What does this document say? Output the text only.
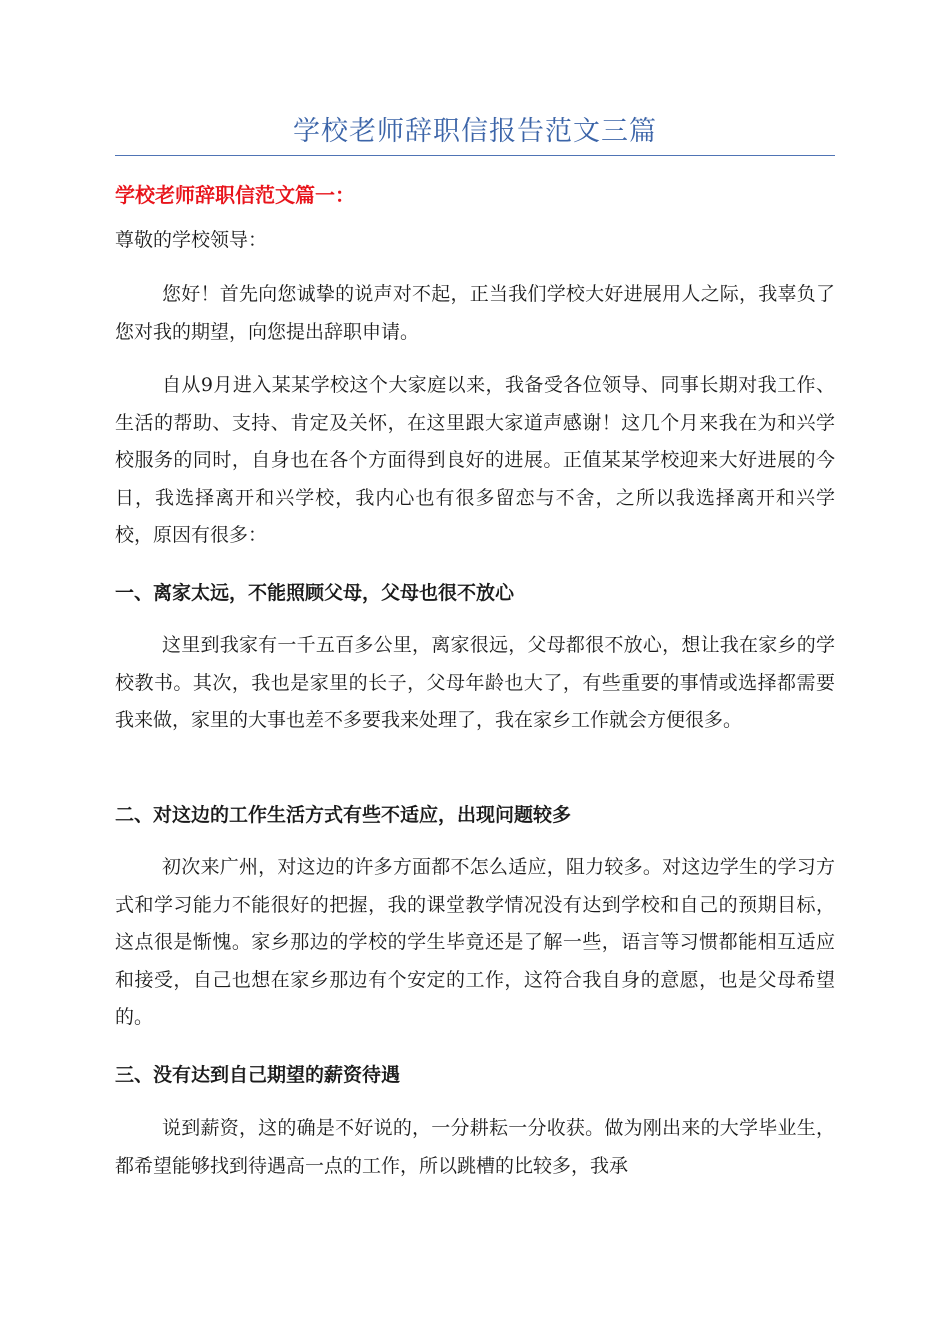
学校老师辞职信报告范文三篇
学校老师辞职信范文篇一：
尊敬的学校领导：

您好！首先向您诚挚的说声对不起，正当我们学校大好进展用人之际，我辜负了您对我的期望，向您提出辞职申请。

自从9月进入某某学校这个大家庭以来，我备受各位领导、同事长期对我工作、生活的帮助、支持、肯定及关怀，在这里跟大家道声感谢！这几个月来我在为和兴学校服务的同时，自身也在各个方面得到良好的进展。正值某某学校迎来大好进展的今日，我选择离开和兴学校，我内心也有很多留恋与不舍，之所以我选择离开和兴学校，原因有很多：

一、离家太远，不能照顾父母，父母也很不放心

这里到我家有一千五百多公里，离家很远，父母都很不放心，想让我在家乡的学校教书。其次，我也是家里的长子，父母年龄也大了，有些重要的事情或选择都需要我来做，家里的大事也差不多要我来处理了，我在家乡工作就会方便很多。

二、对这边的工作生活方式有些不适应，出现问题较多

初次来广州，对这边的许多方面都不怎么适应，阻力较多。对这边学生的学习方式和学习能力不能很好的把握，我的课堂教学情况没有达到学校和自己的预期目标，这点很是惭愧。家乡那边的学校的学生毕竟还是了解一些，语言等习惯都能相互适应和接受，自己也想在家乡那边有个安定的工作，这符合我自身的意愿，也是父母希望的。

三、没有达到自己期望的薪资待遇

说到薪资，这的确是不好说的，一分耕耘一分收获。做为刚出来的大学毕业生，都希望能够找到待遇高一点的工作，所以跳槽的比较多，我承
